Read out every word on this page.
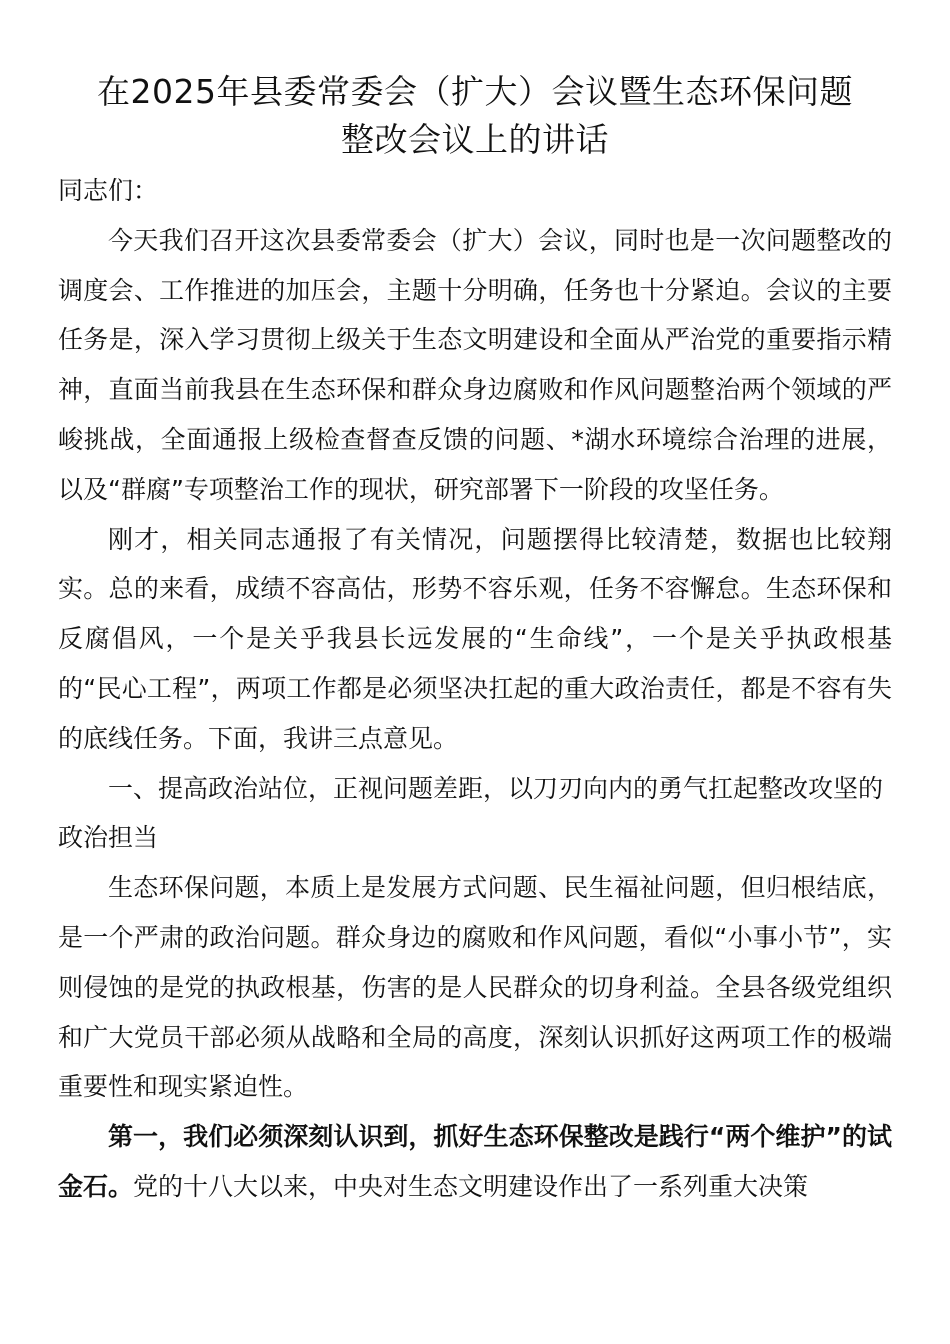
在2025年县委常委会（扩大）会议暨生态环保问题
整改会议上的讲话

同志们：

今天我们召开这次县委常委会（扩大）会议，同时也是一次问题整改的调度会、工作推进的加压会，主题十分明确，任务也十分紧迫。会议的主要任务是，深入学习贯彻上级关于生态文明建设和全面从严治党的重要指示精神，直面当前我县在生态环保和群众身边腐败和作风问题整治两个领域的严峻挑战，全面通报上级检查督查反馈的问题、*湖水环境综合治理的进展，以及“群腐”专项整治工作的现状，研究部署下一阶段的攻坚任务。

刚才，相关同志通报了有关情况，问题摆得比较清楚，数据也比较翔实。总的来看，成绩不容高估，形势不容乐观，任务不容懈怠。生态环保和反腐倡风，一个是关乎我县长远发展的“生命线”，一个是关乎执政根基的“民心工程”，两项工作都是必须坚决扛起的重大政治责任，都是不容有失的底线任务。下面，我讲三点意见。

一、提高政治站位，正视问题差距，以刀刃向内的勇气扛起整改攻坚的政治担当

生态环保问题，本质上是发展方式问题、民生福祉问题，但归根结底，是一个严肃的政治问题。群众身边的腐败和作风问题，看似“小事小节”，实则侵蚀的是党的执政根基，伤害的是人民群众的切身利益。全县各级党组织和广大党员干部必须从战略和全局的高度，深刻认识抓好这两项工作的极端重要性和现实紧迫性。

第一，我们必须深刻认识到，抓好生态环保整改是践行“两个维护”的试金石。党的十八大以来，中央对生态文明建设作出了一系列重大决策
